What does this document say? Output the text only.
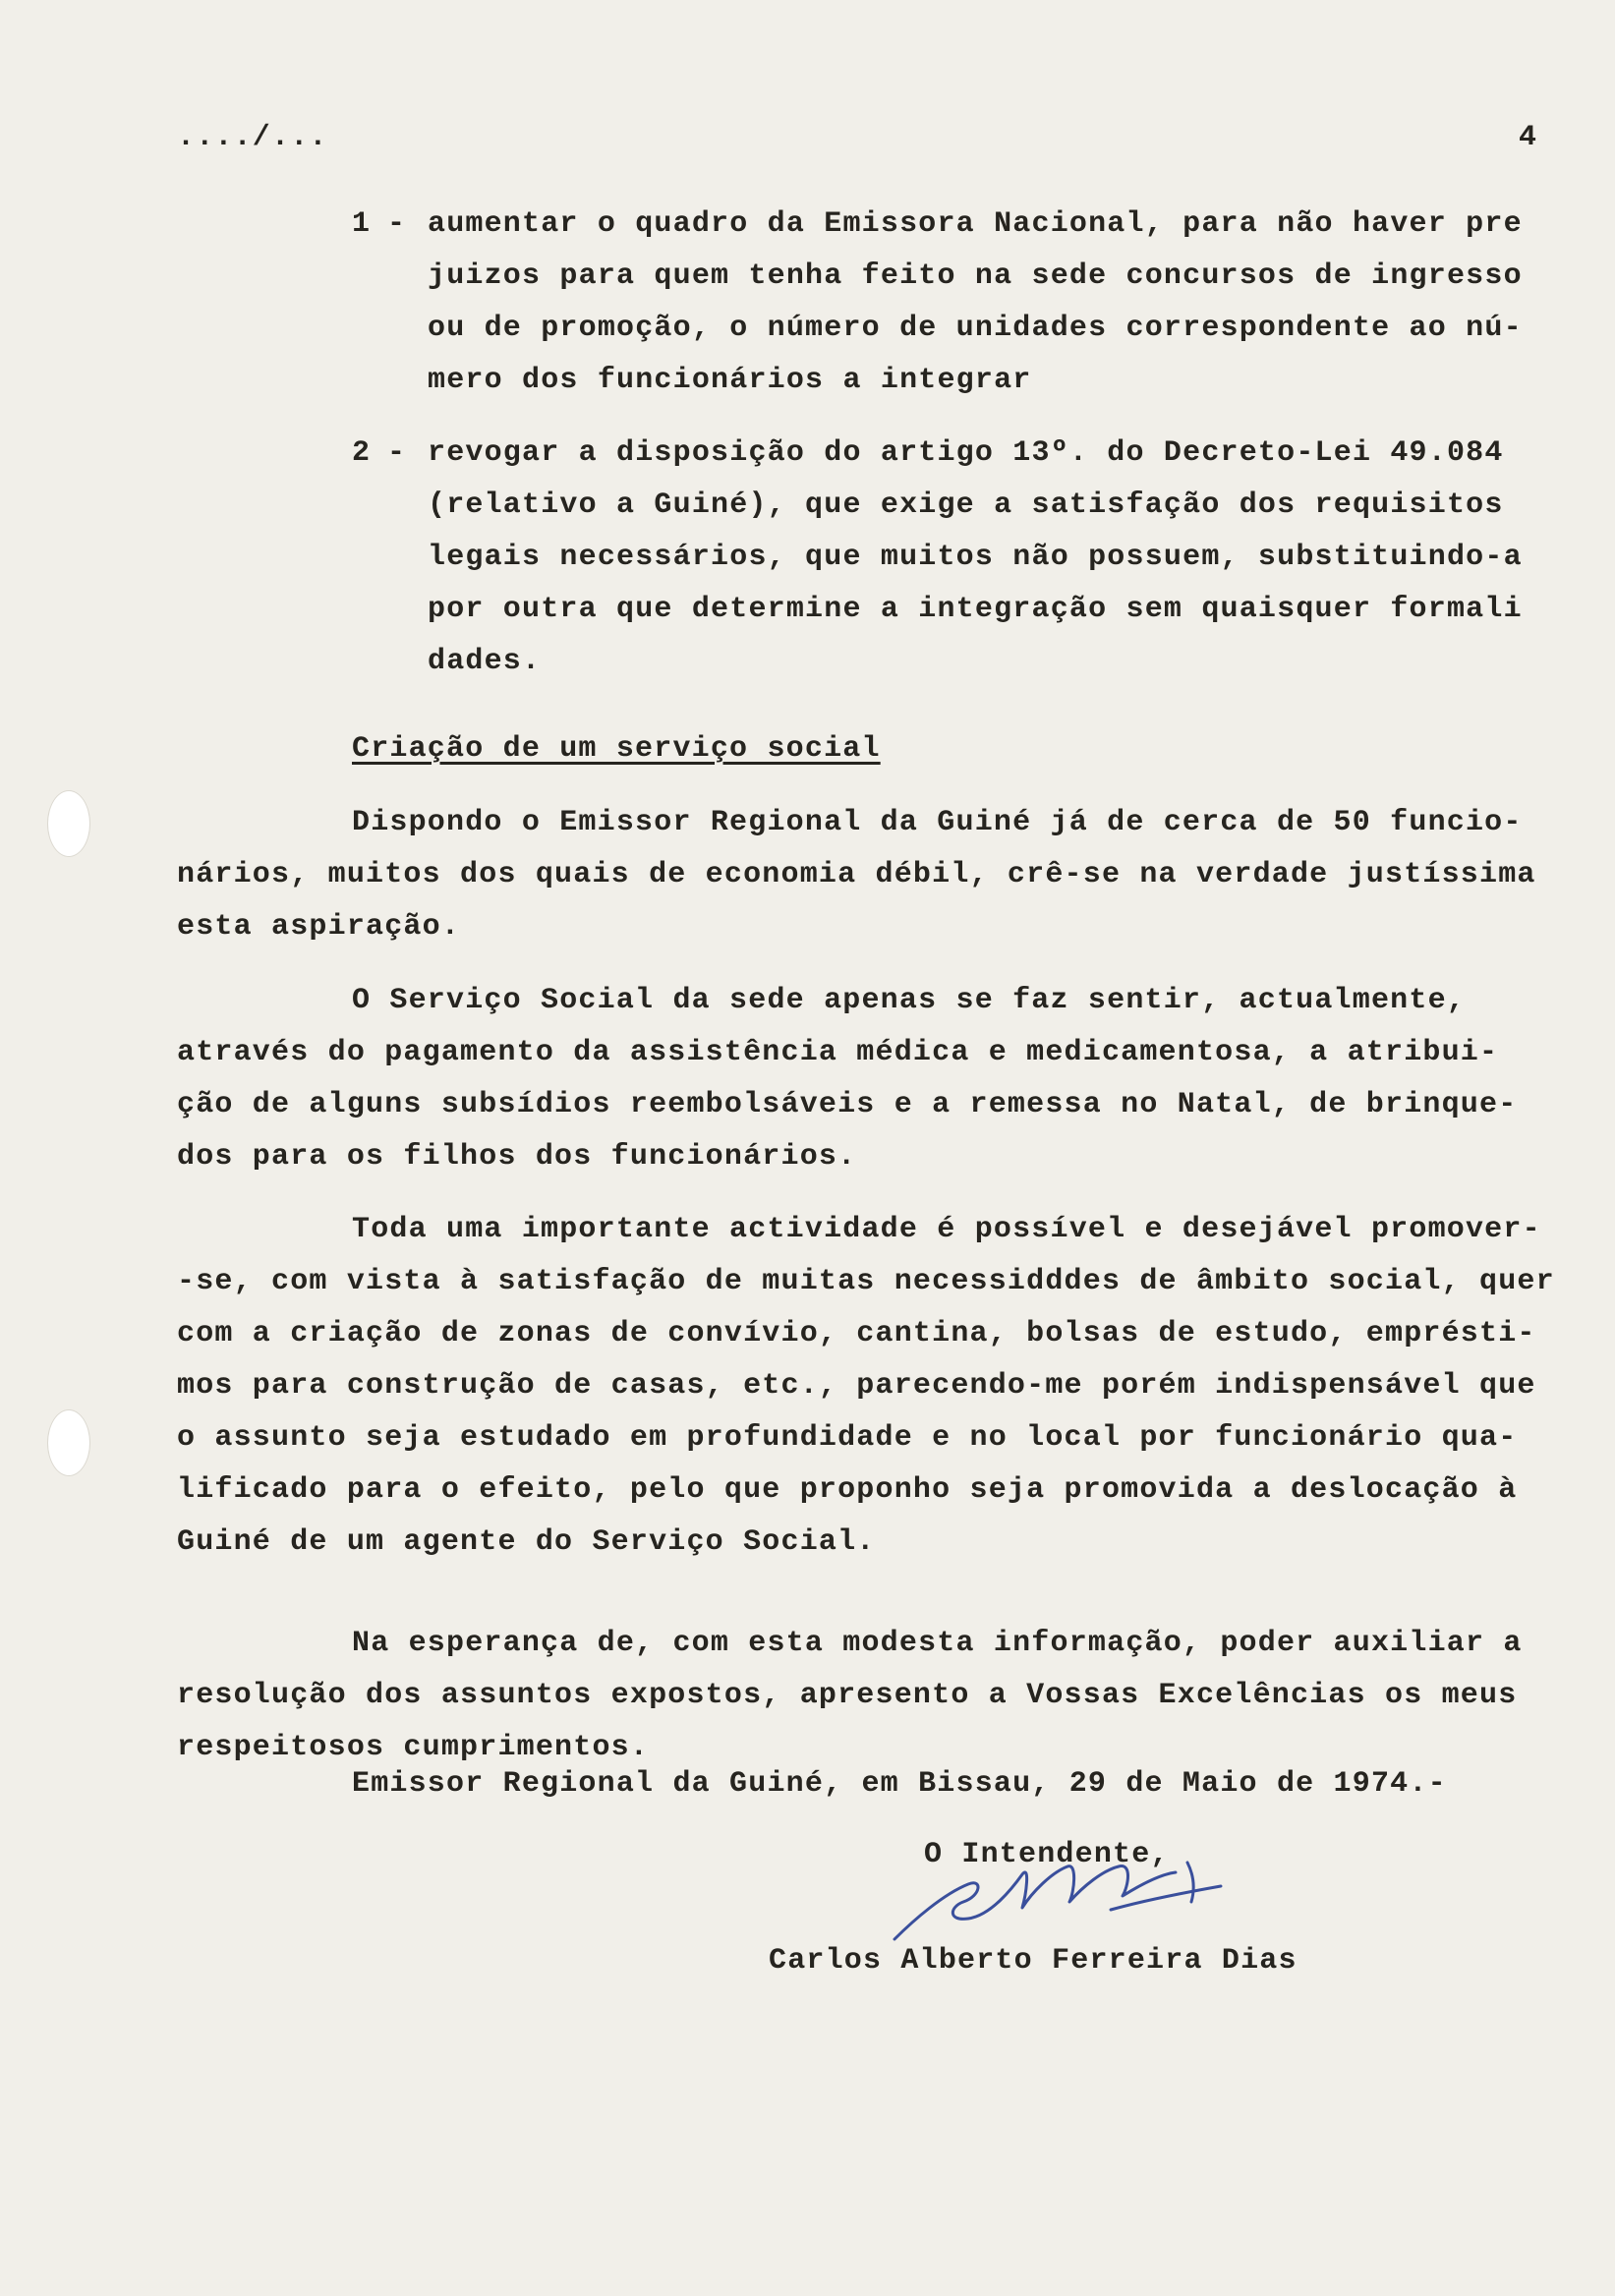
..../...	4
1 - aumentar o quadro da Emissora Nacional, para não haver pre
juizos para quem tenha feito na sede concursos de ingresso
ou de promoção, o número de unidades correspondente ao nú-
mero dos funcionários a integrar
2 - revogar a disposição do artigo 13º. do Decreto-Lei 49.084
(relativo a Guiné), que exige a satisfação dos requisitos
legais necessários, que muitos não possuem, substituindo-a
por outra que determine a integração sem quaisquer formali
dades.
Criação de um serviço social
Dispondo o Emissor Regional da Guiné já de cerca de 50 funcio-
nários, muitos dos quais de economia débil, crê-se na verdade justíssima
esta aspiração.
O Serviço Social da sede apenas se faz sentir, actualmente,
através do pagamento da assistência médica e medicamentosa, a atribui-
ção de alguns subsídios reembolsáveis e a remessa no Natal, de brinque-
dos para os filhos dos funcionários.
Toda uma importante actividade é possível e desejável promover-
-se, com vista à satisfação de muitas necessidddes de âmbito social, quer
com a criação de zonas de convívio, cantina, bolsas de estudo, emprésti-
mos para construção de casas, etc., parecendo-me porém indispensável que
o assunto seja estudado em profundidade e no local por funcionário qua-
lificado para o efeito, pelo que proponho seja promovida a deslocação à
Guiné de um agente do Serviço Social.
Na esperança de, com esta modesta informação, poder auxiliar a
resolução dos assuntos expostos, apresento a Vossas Excelências os meus
respeitosos cumprimentos.
Emissor Regional da Guiné, em Bissau, 29 de Maio de 1974.-
O Intendente,
Carlos Alberto Ferreira Dias
